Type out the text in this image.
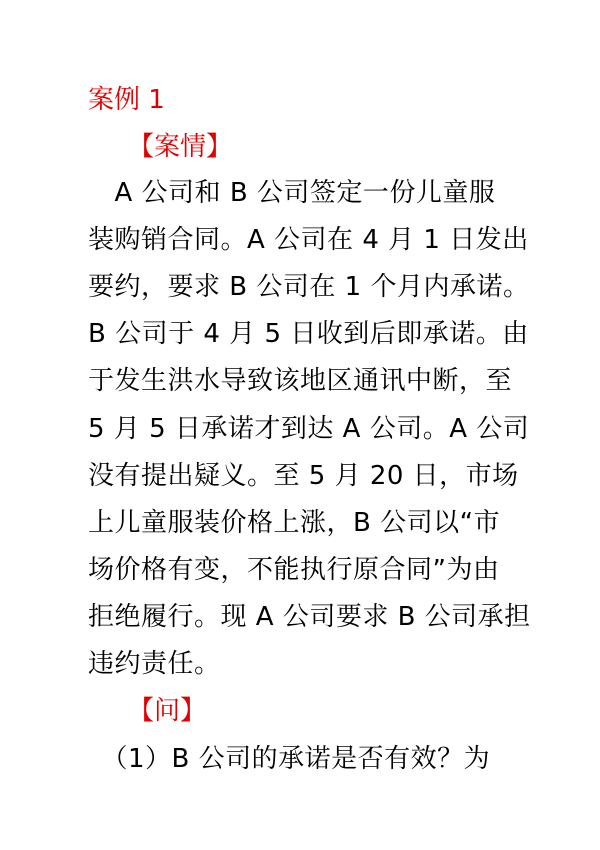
案例 1
【案情】
　A 公司和 B 公司签定一份儿童服
装购销合同。A 公司在 4 月 1 日发出
要约，要求 B 公司在 1 个月内承诺。
B 公司于 4 月 5 日收到后即承诺。由
于发生洪水导致该地区通讯中断，至
5 月 5 日承诺才到达 A 公司。A 公司
没有提出疑义。至 5 月 20 日，市场
上儿童服装价格上涨，B 公司以“市
场价格有变，不能执行原合同”为由
拒绝履行。现 A 公司要求 B 公司承担
违约责任。
【问】
　（1）B 公司的承诺是否有效？为
